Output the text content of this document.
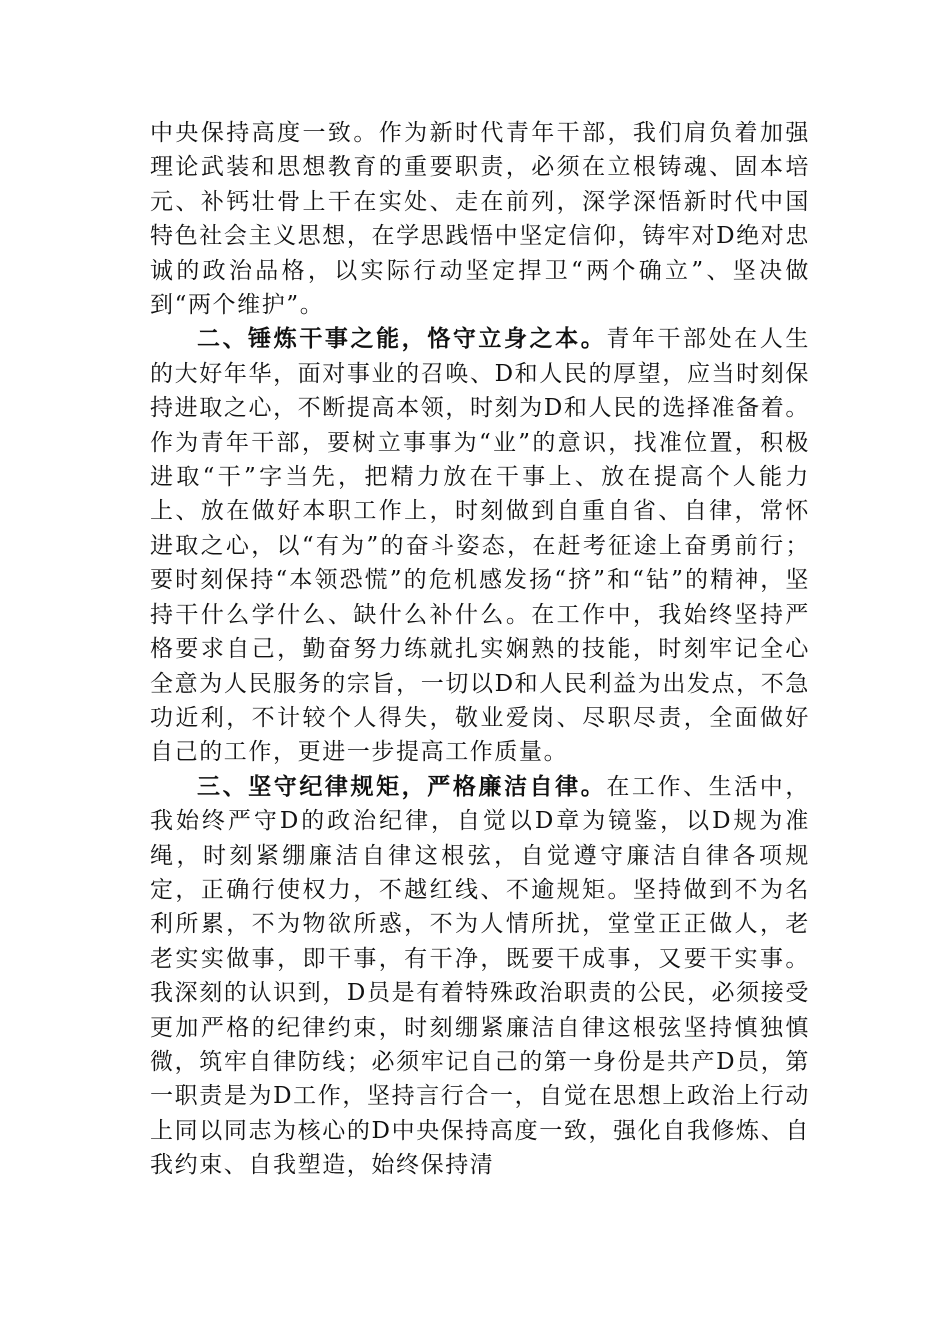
中央保持高度一致。作为新时代青年干部，我们肩负着加强理论武装和思想教育的重要职责，必须在立根铸魂、固本培元、补钙壮骨上干在实处、走在前列，深学深悟新时代中国特色社会主义思想，在学思践悟中坚定信仰，铸牢对D绝对忠诚的政治品格，以实际行动坚定捍卫“两个确立”、坚决做到“两个维护”。

二、锤炼干事之能，恪守立身之本。青年干部处在人生的大好年华，面对事业的召唤、D和人民的厚望，应当时刻保持进取之心，不断提高本领，时刻为D和人民的选择准备着。作为青年干部，要树立事事为“业”的意识，找准位置，积极进取“干”字当先，把精力放在干事上、放在提高个人能力上、放在做好本职工作上，时刻做到自重自省、自律，常怀进取之心，以“有为”的奋斗姿态，在赶考征途上奋勇前行；要时刻保持“本领恐慌”的危机感发扬“挤”和“钻”的精神，坚持干什么学什么、缺什么补什么。在工作中，我始终坚持严格要求自己，勤奋努力练就扎实娴熟的技能，时刻牢记全心全意为人民服务的宗旨，一切以D和人民利益为出发点，不急功近利，不计较个人得失，敬业爱岗、尽职尽责，全面做好自己的工作，更进一步提高工作质量。

三、坚守纪律规矩，严格廉洁自律。在工作、生活中，我始终严守D的政治纪律，自觉以D章为镜鉴，以D规为准绳，时刻紧绷廉洁自律这根弦，自觉遵守廉洁自律各项规定，正确行使权力，不越红线、不逾规矩。坚持做到不为名利所累，不为物欲所惑，不为人情所扰，堂堂正正做人，老老实实做事，即干事，有干净，既要干成事，又要干实事。我深刻的认识到，D员是有着特殊政治职责的公民，必须接受更加严格的纪律约束，时刻绷紧廉洁自律这根弦坚持慎独慎微，筑牢自律防线；必须牢记自己的第一身份是共产D员，第一职责是为D工作，坚持言行合一，自觉在思想上政治上行动上同以同志为核心的D中央保持高度一致，强化自我修炼、自我约束、自我塑造，始终保持清
